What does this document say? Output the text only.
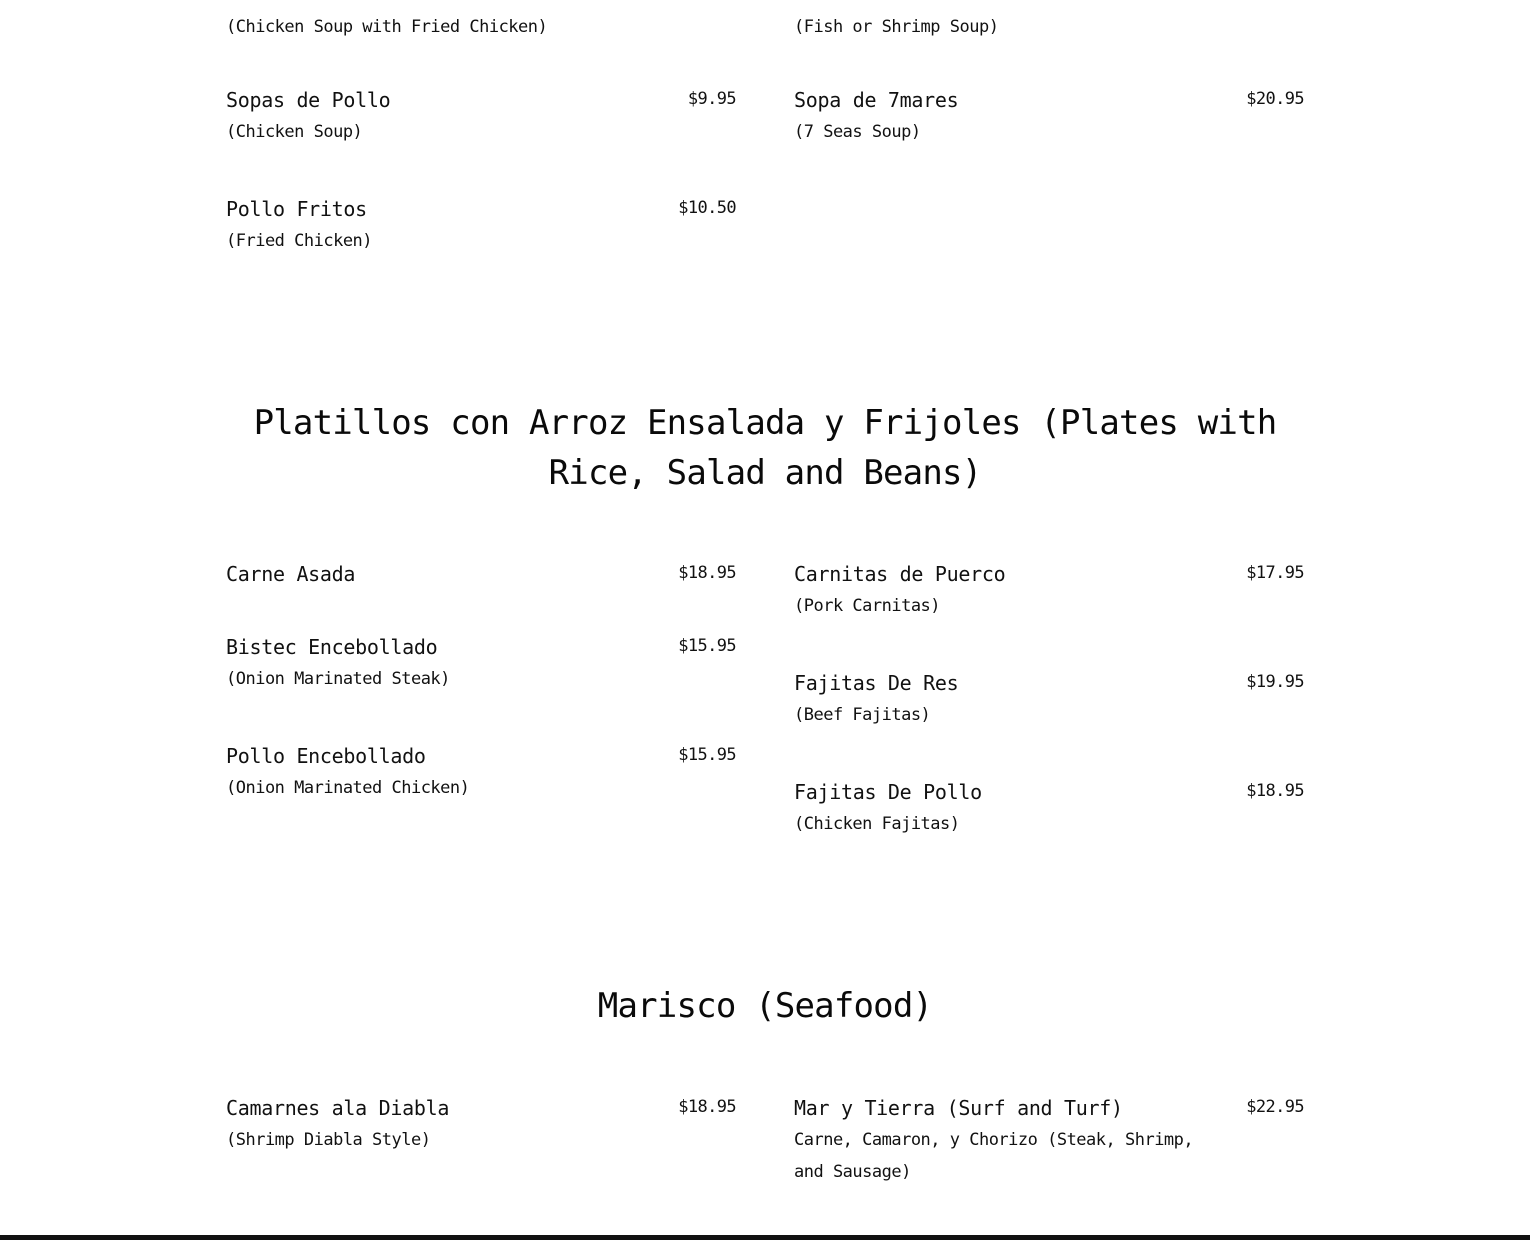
(Chicken Soup with Fried Chicken)
Sopas de Pollo	$9.95
(Chicken Soup)
Pollo Fritos	$10.50
(Fried Chicken)
(Fish or Shrimp Soup)
Sopa de 7mares	$20.95
(7 Seas Soup)
Platillos con Arroz Ensalada y Frijoles (Plates with Rice, Salad and Beans)
Carne Asada	$18.95
Bistec Encebollado	$15.95
(Onion Marinated Steak)
Pollo Encebollado	$15.95
(Onion Marinated Chicken)
Carnitas de Puerco	$17.95
(Pork Carnitas)
Fajitas De Res	$19.95
(Beef Fajitas)
Fajitas De Pollo	$18.95
(Chicken Fajitas)
Marisco (Seafood)
Camarnes ala Diabla	$18.95
(Shrimp Diabla Style)
Mar y Tierra (Surf and Turf)	$22.95
Carne, Camaron, y Chorizo (Steak, Shrimp, and Sausage)
